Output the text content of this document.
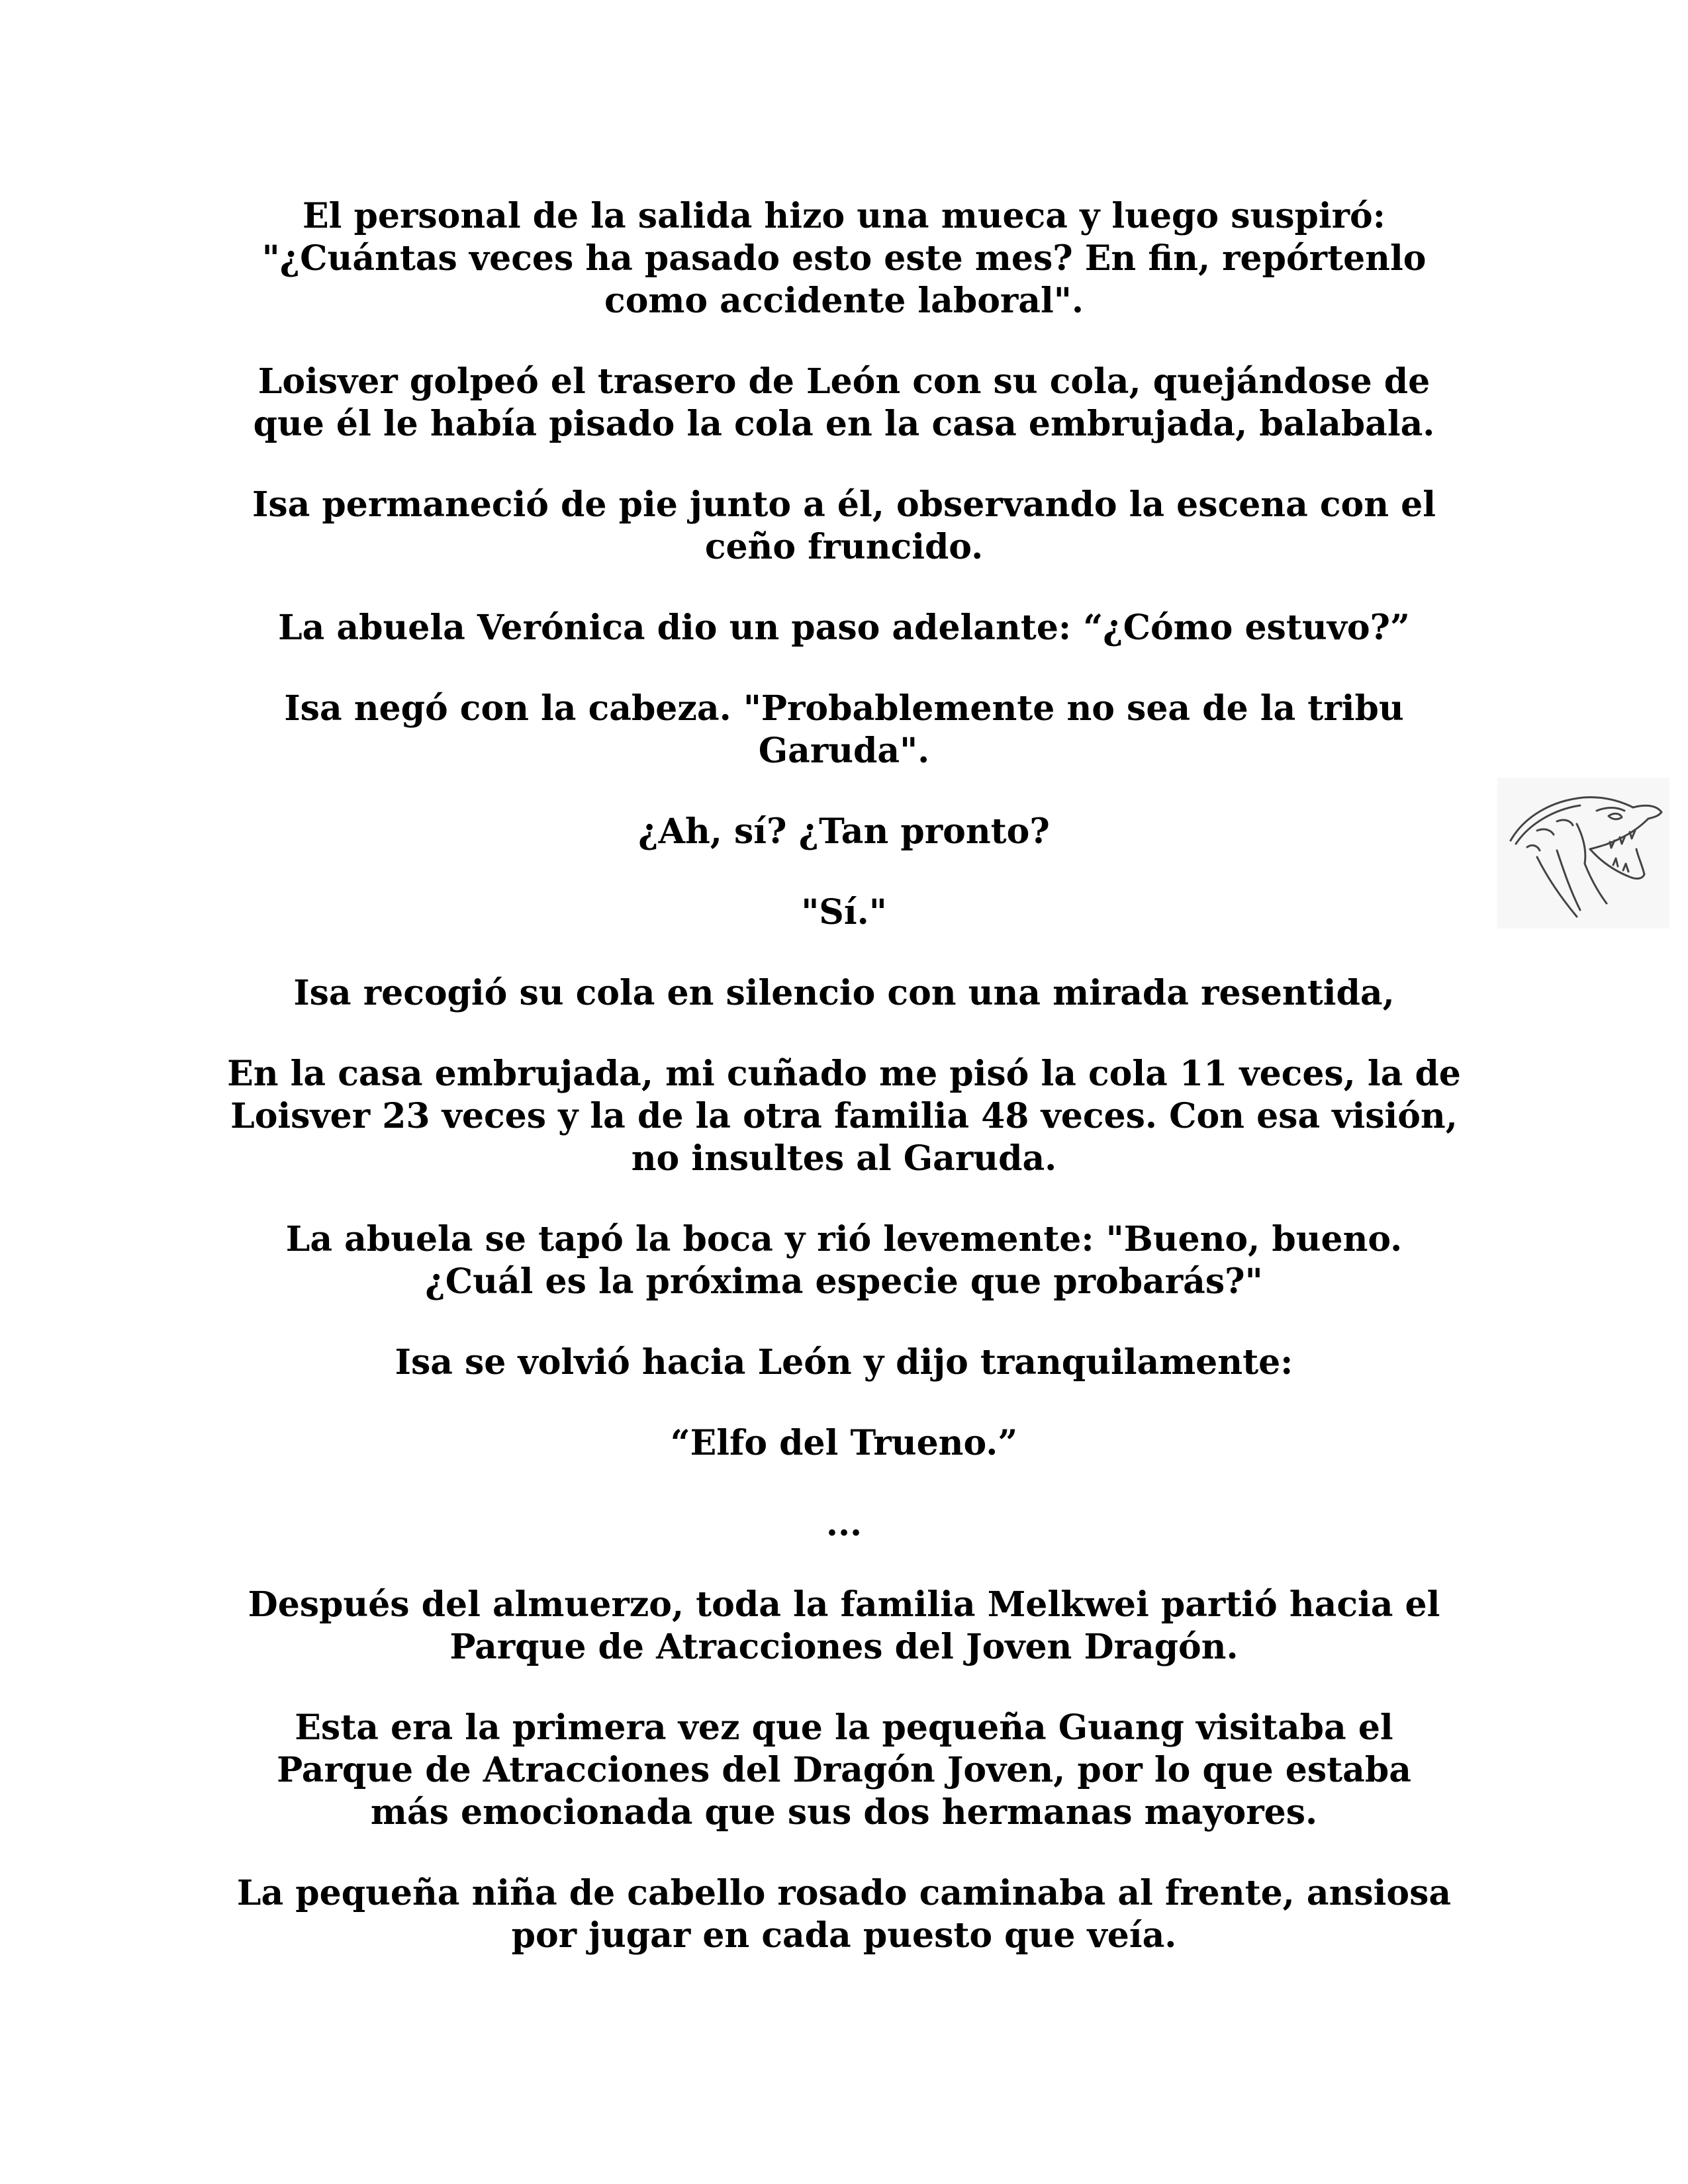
El personal de la salida hizo una mueca y luego suspiró:
"¿Cuántas veces ha pasado esto este mes? En fin, repórtenlo
como accidente laboral".

Loisver golpeó el trasero de León con su cola, quejándose de
que él le había pisado la cola en la casa embrujada, balabala.

Isa permaneció de pie junto a él, observando la escena con el
ceño fruncido.

La abuela Verónica dio un paso adelante: “¿Cómo estuvo?”

Isa negó con la cabeza. "Probablemente no sea de la tribu
Garuda".

¿Ah, sí? ¿Tan pronto?

"Sí."

Isa recogió su cola en silencio con una mirada resentida,

En la casa embrujada, mi cuñado me pisó la cola 11 veces, la de
Loisver 23 veces y la de la otra familia 48 veces. Con esa visión,
no insultes al Garuda.

La abuela se tapó la boca y rió levemente: "Bueno, bueno.
¿Cuál es la próxima especie que probarás?"

Isa se volvió hacia León y dijo tranquilamente:

“Elfo del Trueno.”

...

Después del almuerzo, toda la familia Melkwei partió hacia el
Parque de Atracciones del Joven Dragón.

Esta era la primera vez que la pequeña Guang visitaba el
Parque de Atracciones del Dragón Joven, por lo que estaba
más emocionada que sus dos hermanas mayores.

La pequeña niña de cabello rosado caminaba al frente, ansiosa
por jugar en cada puesto que veía.
